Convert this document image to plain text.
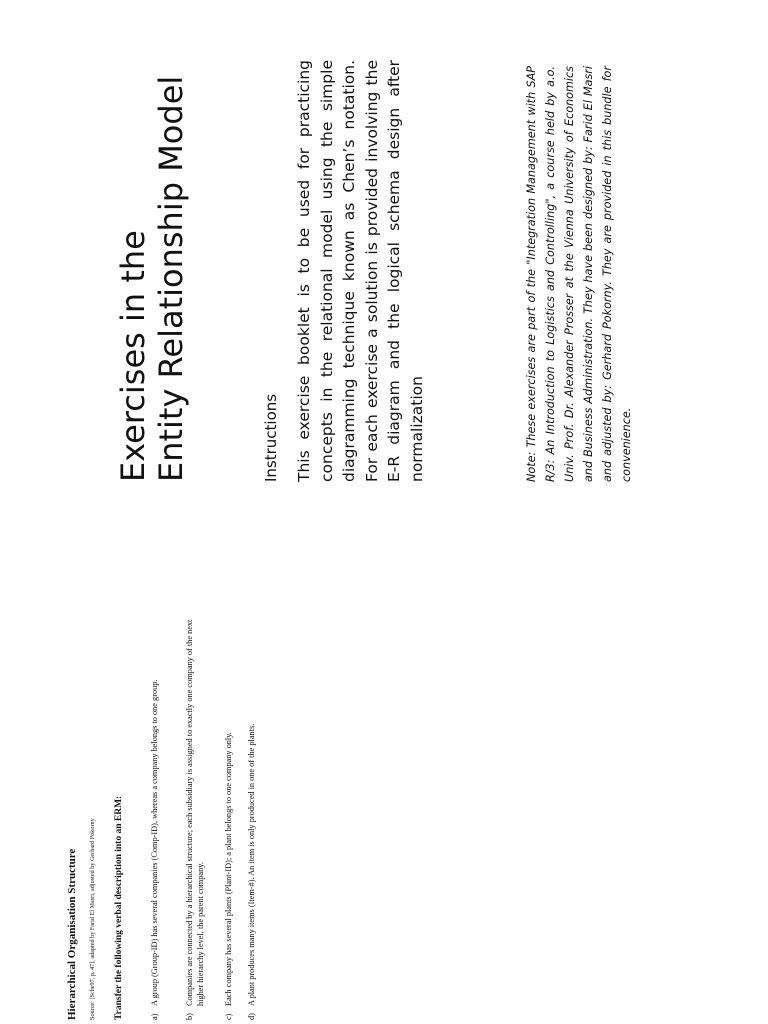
Hierarchical Organisation Structure Source: [Sche97, p. 47], adapted by Farid El Masri, adjusted by Gerhard Pokorny Transfer the following verbal description into an ERM:	a)A group (Group-ID) has several companies (Comp-ID), whereas a company belongs to one group.
b)Companies are connected by a hierarchical structure; each subsidiary is assigned to exactly one company of the next higher hierarchy level, the parent company.
c)Each company has several plants (Plant-ID); a plant belongs to one company only.
d)A plant produces many items (Item-#). An item is only produced in one of the plants.
Exercises in the Entity Relationship Model	Instructions This exercise booklet is to be used for practicing concepts in the relational model using the simple diagramming technique known as Chen’s notation. For each exercise a solution is provided involving the E-R diagram and the logical schema design after normalization	Note: These exercises are part of the "Integration Management with SAP R/3: An Introduction to Logistics and Controlling", a course held by a.o. Univ. Prof. Dr. Alexander Prosser at the Vienna University of Economics and Business Administration. They have been designed by: Farid El Masri and adjusted by: Gerhard Pokorny. They are provided in this bundle for convenience.
